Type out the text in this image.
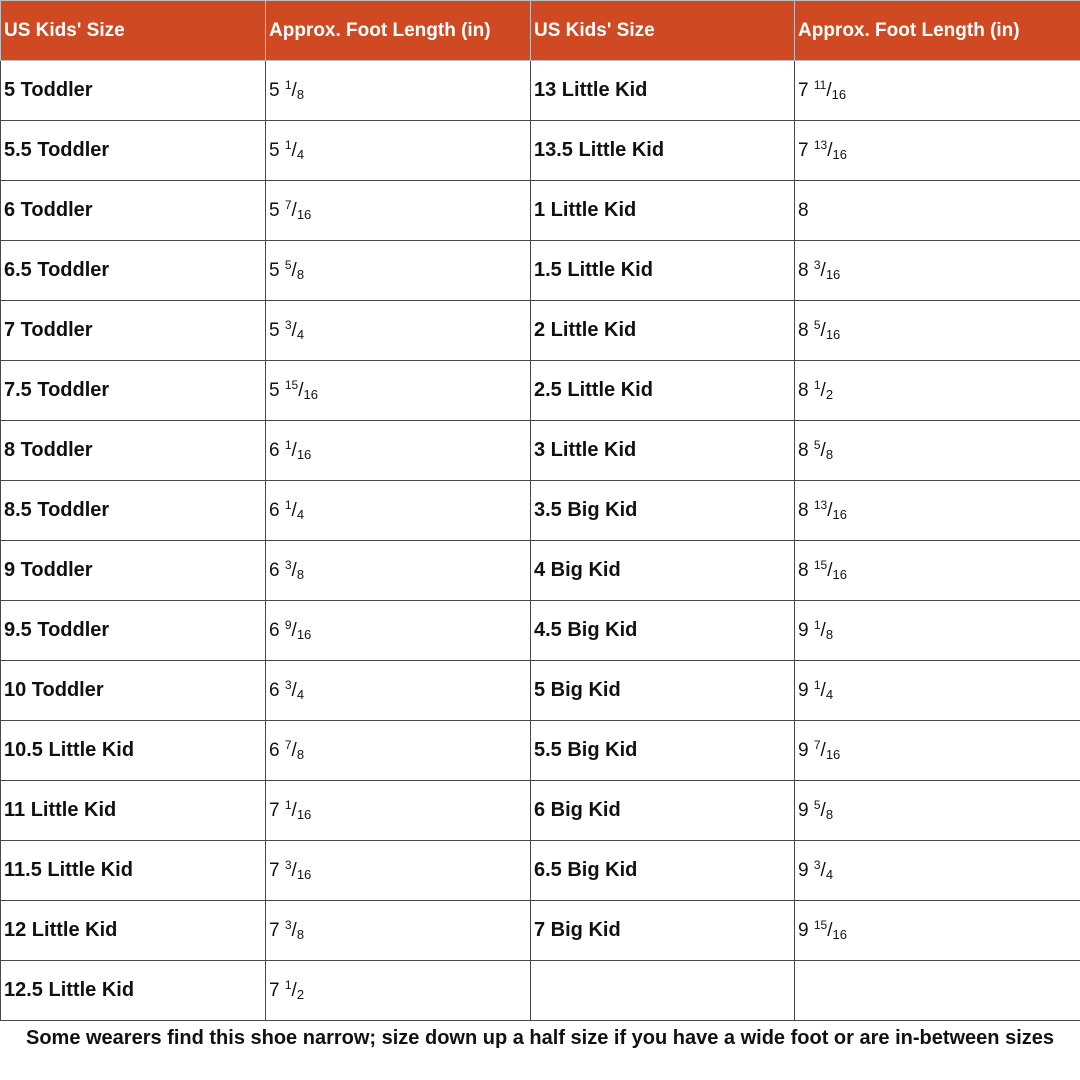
US Kids' Size	Approx. Foot Length (in)	US Kids' Size	Approx. Foot Length (in)
5 Toddler	5 $^1/_8$	13 Little Kid	7 $^{11}/_{16}$
5.5 Toddler	5 $^1/_4$	13.5 Little Kid	7 $^{13}/_{16}$
6 Toddler	5 $^7/_{16}$	1 Little Kid	8
6.5 Toddler	5 $^5/_8$	1.5 Little Kid	8 $^3/_{16}$
7 Toddler	5 $^3/_4$	2 Little Kid	8 $^5/_{16}$
7.5 Toddler	5 $^{15}/_{16}$	2.5 Little Kid	8 $^1/_2$
8 Toddler	6 $^1/_{16}$	3 Little Kid	8 $^5/_8$
8.5 Toddler	6 $^1/_4$	3.5 Big Kid	8 $^{13}/_{16}$
9 Toddler	6 $^3/_8$	4 Big Kid	8 $^{15}/_{16}$
9.5 Toddler	6 $^9/_{16}$	4.5 Big Kid	9 $^1/_8$
10 Toddler	6 $^3/_4$	5 Big Kid	9 $^1/_4$
10.5 Little Kid	6 $^7/_8$	5.5 Big Kid	9 $^7/_{16}$
11 Little Kid	7 $^1/_{16}$	6 Big Kid	9 $^5/_8$
11.5 Little Kid	7 $^3/_{16}$	6.5 Big Kid	9 $^3/_4$
12 Little Kid	7 $^3/_8$	7 Big Kid	9 $^{15}/_{16}$
12.5 Little Kid	7 $^1/_2$		
Some wearers find this shoe narrow; size down up a half size if you have a wide foot or are in-between sizes
